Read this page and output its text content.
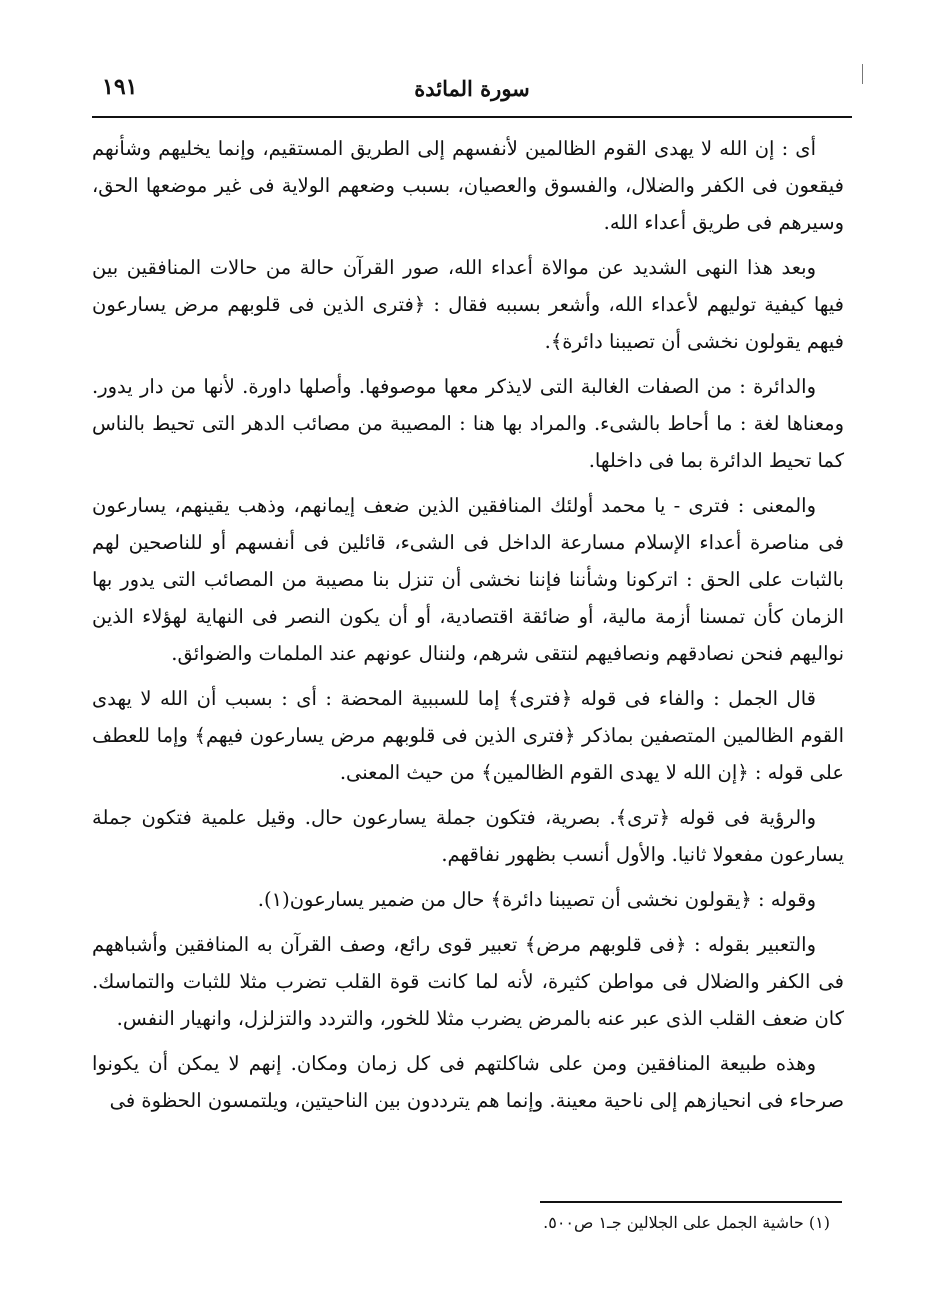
١٩١	سورة المائدة

أى : إن الله لا يهدى القوم الظالمين لأنفسهم إلى الطريق المستقيم، وإنما يخليهم وشأنهم فيقعون فى الكفر والضلال، والفسوق والعصيان، بسبب وضعهم الولاية فى غير موضعها الحق، وسيرهم فى طريق أعداء الله.

وبعد هذا النهى الشديد عن موالاة أعداء الله، صور القرآن حالة من حالات المنافقين بين فيها كيفية توليهم لأعداء الله، وأشعر بسببه فقال : ﴿فترى الذين فى قلوبهم مرض يسارعون فيهم يقولون نخشى أن تصيبنا دائرة﴾.

والدائرة : من الصفات الغالبة التى لايذكر معها موصوفها. وأصلها داورة. لأنها من دار يدور. ومعناها لغة : ما أحاط بالشىء. والمراد بها هنا : المصيبة من مصائب الدهر التى تحيط بالناس كما تحيط الدائرة بما فى داخلها.

والمعنى : فترى - يا محمد أولئك المنافقين الذين ضعف إيمانهم، وذهب يقينهم، يسارعون فى مناصرة أعداء الإسلام مسارعة الداخل فى الشىء، قائلين فى أنفسهم أو للناصحين لهم بالثبات على الحق : اتركونا وشأننا فإننا نخشى أن تنزل بنا مصيبة من المصائب التى يدور بها الزمان كأن تمسنا أزمة مالية، أو ضائقة اقتصادية، أو أن يكون النصر فى النهاية لهؤلاء الذين نواليهم فنحن نصادقهم ونصافيهم لنتقى شرهم، ولننال عونهم عند الملمات والضوائق.

قال الجمل : والفاء فى قوله ﴿فترى﴾ إما للسببية المحضة : أى : بسبب أن الله لا يهدى القوم الظالمين المتصفين بماذكر ﴿فترى الذين فى قلوبهم مرض يسارعون فيهم﴾ وإما للعطف على قوله : ﴿إن الله لا يهدى القوم الظالمين﴾ من حيث المعنى.

والرؤية فى قوله ﴿ترى﴾. بصرية، فتكون جملة يسارعون حال. وقيل علمية فتكون جملة يسارعون مفعولا ثانيا. والأول أنسب بظهور نفاقهم.

وقوله : ﴿يقولون نخشى أن تصيبنا دائرة﴾ حال من ضمير يسارعون(١).

والتعبير بقوله : ﴿فى قلوبهم مرض﴾ تعبير قوى رائع، وصف القرآن به المنافقين وأشباههم فى الكفر والضلال فى مواطن كثيرة، لأنه لما كانت قوة القلب تضرب مثلا للثبات والتماسك. كان ضعف القلب الذى عبر عنه بالمرض يضرب مثلا للخور، والتردد والتزلزل، وانهيار النفس.

وهذه طبيعة المنافقين ومن على شاكلتهم فى كل زمان ومكان. إنهم لا يمكن أن يكونوا صرحاء فى انحيازهم إلى ناحية معينة. وإنما هم يترددون بين الناحيتين، ويلتمسون الحظوة فى

(١) حاشية الجمل على الجلالين جـ١ ص٥٠٠.
